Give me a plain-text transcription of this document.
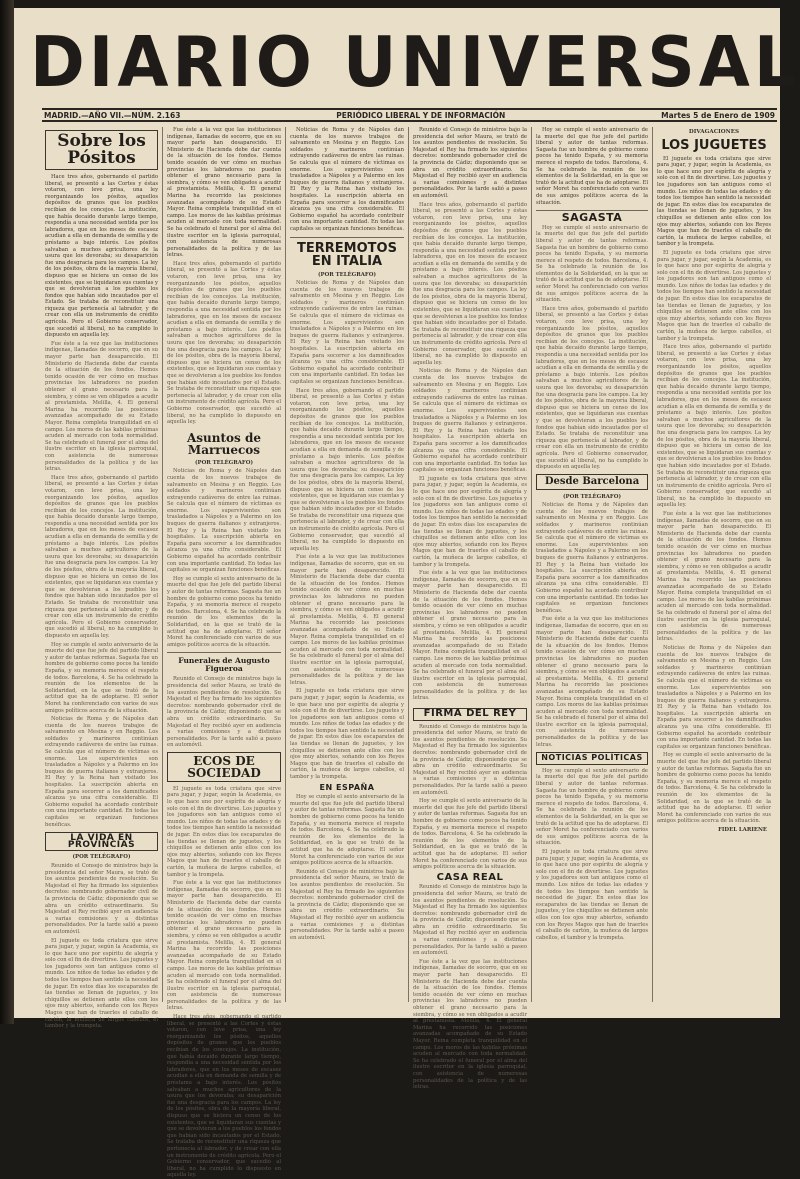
DIARIO UNIVERSAL
MADRID.—AÑO VII.—NÚM. 2.163	PERIÓDICO LIBERAL Y DE INFORMACIÓN	Martes 5 de Enero de 1909
Sobre los Pósitos

Hace tres años, gobernando el partido liberal, se presentó a las Cortes y éstas votaron, con leve prisa, una ley reorganizando los pósitos, aquellos depósitos de granos que los pueblos recibían de los concejos. La institución, que había decaído durante largo tiempo, respondía a una necesidad sentida por los labradores, que en los meses de escasez acudían a ella en demanda de semilla y de préstamo a bajo interés. Los pósitos salvaban a muchos agricultores de la usura que los devoraba; su desaparición fue una desgracia para los campos. La ley de los pósitos, obra de la mayoría liberal, dispuso que se hiciera un censo de los existentes, que se liquidaran sus cuentas y que se devolvieran a los pueblos los fondos que habían sido incautados por el Estado. Se trataba de reconstituir una riqueza que pertenecía al labrador, y de crear con ella un instrumento de crédito agrícola. Pero el Gobierno conservador, que sucedió al liberal, no ha cumplido lo dispuesto en aquella ley.

Fue éste a la vez que las instituciones indígenas, llamadas de socorro, que en su mayor parte han desaparecido. El Ministerio de Hacienda debe dar cuenta de la situación de los fondos. Hemos tenido ocasión de ver cómo en muchas provincias los labradores no pueden obtener el grano necesario para la siembra, y cómo se ven obligados a acudir al prestamista. Melilla, 4. El general Marina ha recorrido las posiciones avanzadas acompañado de su Estado Mayor. Reina completa tranquilidad en el campo. Los moros de las kabilas próximas acuden al mercado con toda normalidad. Se ha celebrado el funeral por el alma del ilustre escritor en la iglesia parroquial, con asistencia de numerosas personalidades de la política y de las letras.

Hace tres años, gobernando el partido liberal, se presentó a las Cortes y éstas votaron, con leve prisa, una ley reorganizando los pósitos, aquellos depósitos de granos que los pueblos recibían de los concejos. La institución, que había decaído durante largo tiempo, respondía a una necesidad sentida por los labradores, que en los meses de escasez acudían a ella en demanda de semilla y de préstamo a bajo interés. Los pósitos salvaban a muchos agricultores de la usura que los devoraba; su desaparición fue una desgracia para los campos. La ley de los pósitos, obra de la mayoría liberal, dispuso que se hiciera un censo de los existentes, que se liquidaran sus cuentas y que se devolvieran a los pueblos los fondos que habían sido incautados por el Estado. Se trataba de reconstituir una riqueza que pertenecía al labrador, y de crear con ella un instrumento de crédito agrícola. Pero el Gobierno conservador, que sucedió al liberal, no ha cumplido lo dispuesto en aquella ley.

Hoy se cumple el sexto aniversario de la muerte del que fue jefe del partido liberal y autor de tantas reformas. Sagasta fue un hombre de gobierno como pocos ha tenido España, y su memoria merece el respeto de todos. Barcelona, 4. Se ha celebrado la reunión de los elementos de la Solidaridad, en la que se trató de la actitud que ha de adoptarse. El señor Moret ha conferenciado con varios de sus amigos políticos acerca de la situación.

Noticias de Roma y de Nápoles dan cuenta de los nuevos trabajos de salvamento en Mesina y en Reggio. Los soldados y marineros continúan extrayendo cadáveres de entre las ruinas. Se calcula que el número de víctimas es enorme. Los supervivientes son trasladados a Nápoles y a Palermo en los buques de guerra italianos y extranjeros. El Rey y la Reina han visitado los hospitales. La suscripción abierta en España para socorrer a los damnificados alcanza ya una cifra considerable. El Gobierno español ha acordado contribuir con una importante cantidad. En todas las capitales se organizan funciones benéficas.

LA VIDA EN PROVINCIAS
(POR TELÉGRAFO)

Reunido el Consejo de ministros bajo la presidencia del señor Maura, se trató de los asuntos pendientes de resolución. Su Majestad el Rey ha firmado los siguientes decretos: nombrando gobernador civil de la provincia de Cádiz; disponiendo que se abra un crédito extraordinario. Su Majestad el Rey recibió ayer en audiencia a varias comisiones y a distintas personalidades. Por la tarde salió a paseo en automóvil.

El juguete es toda criatura que sirve para jugar, y jugar, según la Academia, es lo que hace uno por espíritu de alegría y solo con el fin de divertirse. Los juguetes y los jugadores son tan antiguos como el mundo. Los niños de todas las edades y de todos los tiempos han sentido la necesidad de jugar. En estos días los escaparates de las tiendas se llenan de juguetes, y los chiquillos se detienen ante ellos con los ojos muy abiertos, soñando con los Reyes Magos que han de traerles el caballo de cartón, la muñeca de largos cabellos, el tambor y la trompeta.

Fue éste a la vez que las instituciones indígenas, llamadas de socorro, que en su mayor parte han desaparecido. El Ministerio de Hacienda debe dar cuenta de la situación de los fondos. Hemos tenido ocasión de ver cómo en muchas provincias los labradores no pueden obtener el grano necesario para la siembra, y cómo se ven obligados a acudir al prestamista. Melilla, 4. El general Marina ha recorrido las posiciones avanzadas acompañado de su Estado Mayor. Reina completa tranquilidad en el campo. Los moros de las kabilas próximas acuden al mercado con toda normalidad. Se ha celebrado el funeral por el alma del ilustre escritor en la iglesia parroquial, con asistencia de numerosas personalidades de la política y de las letras.

Hace tres años, gobernando el partido liberal, se presentó a las Cortes y éstas votaron, con leve prisa, una ley reorganizando los pósitos, aquellos depósitos de granos que los pueblos recibían de los concejos. La institución, que había decaído durante largo tiempo, respondía a una necesidad sentida por los labradores, que en los meses de escasez acudían a ella en demanda de semilla y de préstamo a bajo interés. Los pósitos salvaban a muchos agricultores de la usura que los devoraba; su desaparición fue una desgracia para los campos. La ley de los pósitos, obra de la mayoría liberal, dispuso que se hiciera un censo de los existentes, que se liquidaran sus cuentas y que se devolvieran a los pueblos los fondos que habían sido incautados por el Estado. Se trataba de reconstituir una riqueza que pertenecía al labrador, y de crear con ella un instrumento de crédito agrícola. Pero el Gobierno conservador, que sucedió al liberal, no ha cumplido lo dispuesto en aquella ley.

Asuntos de Marruecos
(POR TELÉGRAFO)

Noticias de Roma y de Nápoles dan cuenta de los nuevos trabajos de salvamento en Mesina y en Reggio. Los soldados y marineros continúan extrayendo cadáveres de entre las ruinas. Se calcula que el número de víctimas es enorme. Los supervivientes son trasladados a Nápoles y a Palermo en los buques de guerra italianos y extranjeros. El Rey y la Reina han visitado los hospitales. La suscripción abierta en España para socorrer a los damnificados alcanza ya una cifra considerable. El Gobierno español ha acordado contribuir con una importante cantidad. En todas las capitales se organizan funciones benéficas.

Hoy se cumple el sexto aniversario de la muerte del que fue jefe del partido liberal y autor de tantas reformas. Sagasta fue un hombre de gobierno como pocos ha tenido España, y su memoria merece el respeto de todos. Barcelona, 4. Se ha celebrado la reunión de los elementos de la Solidaridad, en la que se trató de la actitud que ha de adoptarse. El señor Moret ha conferenciado con varios de sus amigos políticos acerca de la situación.

Funerales de Augusto Figueroa

Reunido el Consejo de ministros bajo la presidencia del señor Maura, se trató de los asuntos pendientes de resolución. Su Majestad el Rey ha firmado los siguientes decretos: nombrando gobernador civil de la provincia de Cádiz; disponiendo que se abra un crédito extraordinario. Su Majestad el Rey recibió ayer en audiencia a varias comisiones y a distintas personalidades. Por la tarde salió a paseo en automóvil.

ECOS DE SOCIEDAD

El juguete es toda criatura que sirve para jugar, y jugar, según la Academia, es lo que hace uno por espíritu de alegría y solo con el fin de divertirse. Los juguetes y los jugadores son tan antiguos como el mundo. Los niños de todas las edades y de todos los tiempos han sentido la necesidad de jugar. En estos días los escaparates de las tiendas se llenan de juguetes, y los chiquillos se detienen ante ellos con los ojos muy abiertos, soñando con los Reyes Magos que han de traerles el caballo de cartón, la muñeca de largos cabellos, el tambor y la trompeta.

Fue éste a la vez que las instituciones indígenas, llamadas de socorro, que en su mayor parte han desaparecido. El Ministerio de Hacienda debe dar cuenta de la situación de los fondos. Hemos tenido ocasión de ver cómo en muchas provincias los labradores no pueden obtener el grano necesario para la siembra, y cómo se ven obligados a acudir al prestamista. Melilla, 4. El general Marina ha recorrido las posiciones avanzadas acompañado de su Estado Mayor. Reina completa tranquilidad en el campo. Los moros de las kabilas próximas acuden al mercado con toda normalidad. Se ha celebrado el funeral por el alma del ilustre escritor en la iglesia parroquial, con asistencia de numerosas personalidades de la política y de las letras.

Hace tres años, gobernando el partido liberal, se presentó a las Cortes y éstas votaron, con leve prisa, una ley reorganizando los pósitos, aquellos depósitos de granos que los pueblos recibían de los concejos. La institución, que había decaído durante largo tiempo, respondía a una necesidad sentida por los labradores, que en los meses de escasez acudían a ella en demanda de semilla y de préstamo a bajo interés. Los pósitos salvaban a muchos agricultores de la usura que los devoraba; su desaparición fue una desgracia para los campos. La ley de los pósitos, obra de la mayoría liberal, dispuso que se hiciera un censo de los existentes, que se liquidaran sus cuentas y que se devolvieran a los pueblos los fondos que habían sido incautados por el Estado. Se trataba de reconstituir una riqueza que pertenecía al labrador, y de crear con ella un instrumento de crédito agrícola. Pero el Gobierno conservador, que sucedió al liberal, no ha cumplido lo dispuesto en aquella ley.

Noticias de Roma y de Nápoles dan cuenta de los nuevos trabajos de salvamento en Mesina y en Reggio. Los soldados y marineros continúan extrayendo cadáveres de entre las ruinas. Se calcula que el número de víctimas es enorme. Los supervivientes son trasladados a Nápoles y a Palermo en los buques de guerra italianos y extranjeros. El Rey y la Reina han visitado los hospitales. La suscripción abierta en España para socorrer a los damnificados alcanza ya una cifra considerable. El Gobierno español ha acordado contribuir con una importante cantidad. En todas las capitales se organizan funciones benéficas.

TERREMOTOS EN ITALIA
(POR TELÉGRAFO)

Noticias de Roma y de Nápoles dan cuenta de los nuevos trabajos de salvamento en Mesina y en Reggio. Los soldados y marineros continúan extrayendo cadáveres de entre las ruinas. Se calcula que el número de víctimas es enorme. Los supervivientes son trasladados a Nápoles y a Palermo en los buques de guerra italianos y extranjeros. El Rey y la Reina han visitado los hospitales. La suscripción abierta en España para socorrer a los damnificados alcanza ya una cifra considerable. El Gobierno español ha acordado contribuir con una importante cantidad. En todas las capitales se organizan funciones benéficas.

Hace tres años, gobernando el partido liberal, se presentó a las Cortes y éstas votaron, con leve prisa, una ley reorganizando los pósitos, aquellos depósitos de granos que los pueblos recibían de los concejos. La institución, que había decaído durante largo tiempo, respondía a una necesidad sentida por los labradores, que en los meses de escasez acudían a ella en demanda de semilla y de préstamo a bajo interés. Los pósitos salvaban a muchos agricultores de la usura que los devoraba; su desaparición fue una desgracia para los campos. La ley de los pósitos, obra de la mayoría liberal, dispuso que se hiciera un censo de los existentes, que se liquidaran sus cuentas y que se devolvieran a los pueblos los fondos que habían sido incautados por el Estado. Se trataba de reconstituir una riqueza que pertenecía al labrador, y de crear con ella un instrumento de crédito agrícola. Pero el Gobierno conservador, que sucedió al liberal, no ha cumplido lo dispuesto en aquella ley.

Fue éste a la vez que las instituciones indígenas, llamadas de socorro, que en su mayor parte han desaparecido. El Ministerio de Hacienda debe dar cuenta de la situación de los fondos. Hemos tenido ocasión de ver cómo en muchas provincias los labradores no pueden obtener el grano necesario para la siembra, y cómo se ven obligados a acudir al prestamista. Melilla, 4. El general Marina ha recorrido las posiciones avanzadas acompañado de su Estado Mayor. Reina completa tranquilidad en el campo. Los moros de las kabilas próximas acuden al mercado con toda normalidad. Se ha celebrado el funeral por el alma del ilustre escritor en la iglesia parroquial, con asistencia de numerosas personalidades de la política y de las letras.

El juguete es toda criatura que sirve para jugar, y jugar, según la Academia, es lo que hace uno por espíritu de alegría y solo con el fin de divertirse. Los juguetes y los jugadores son tan antiguos como el mundo. Los niños de todas las edades y de todos los tiempos han sentido la necesidad de jugar. En estos días los escaparates de las tiendas se llenan de juguetes, y los chiquillos se detienen ante ellos con los ojos muy abiertos, soñando con los Reyes Magos que han de traerles el caballo de cartón, la muñeca de largos cabellos, el tambor y la trompeta.

EN ESPAÑA

Hoy se cumple el sexto aniversario de la muerte del que fue jefe del partido liberal y autor de tantas reformas. Sagasta fue un hombre de gobierno como pocos ha tenido España, y su memoria merece el respeto de todos. Barcelona, 4. Se ha celebrado la reunión de los elementos de la Solidaridad, en la que se trató de la actitud que ha de adoptarse. El señor Moret ha conferenciado con varios de sus amigos políticos acerca de la situación.

Reunido el Consejo de ministros bajo la presidencia del señor Maura, se trató de los asuntos pendientes de resolución. Su Majestad el Rey ha firmado los siguientes decretos: nombrando gobernador civil de la provincia de Cádiz; disponiendo que se abra un crédito extraordinario. Su Majestad el Rey recibió ayer en audiencia a varias comisiones y a distintas personalidades. Por la tarde salió a paseo en automóvil.

Reunido el Consejo de ministros bajo la presidencia del señor Maura, se trató de los asuntos pendientes de resolución. Su Majestad el Rey ha firmado los siguientes decretos: nombrando gobernador civil de la provincia de Cádiz; disponiendo que se abra un crédito extraordinario. Su Majestad el Rey recibió ayer en audiencia a varias comisiones y a distintas personalidades. Por la tarde salió a paseo en automóvil.

Hace tres años, gobernando el partido liberal, se presentó a las Cortes y éstas votaron, con leve prisa, una ley reorganizando los pósitos, aquellos depósitos de granos que los pueblos recibían de los concejos. La institución, que había decaído durante largo tiempo, respondía a una necesidad sentida por los labradores, que en los meses de escasez acudían a ella en demanda de semilla y de préstamo a bajo interés. Los pósitos salvaban a muchos agricultores de la usura que los devoraba; su desaparición fue una desgracia para los campos. La ley de los pósitos, obra de la mayoría liberal, dispuso que se hiciera un censo de los existentes, que se liquidaran sus cuentas y que se devolvieran a los pueblos los fondos que habían sido incautados por el Estado. Se trataba de reconstituir una riqueza que pertenecía al labrador, y de crear con ella un instrumento de crédito agrícola. Pero el Gobierno conservador, que sucedió al liberal, no ha cumplido lo dispuesto en aquella ley.

Noticias de Roma y de Nápoles dan cuenta de los nuevos trabajos de salvamento en Mesina y en Reggio. Los soldados y marineros continúan extrayendo cadáveres de entre las ruinas. Se calcula que el número de víctimas es enorme. Los supervivientes son trasladados a Nápoles y a Palermo en los buques de guerra italianos y extranjeros. El Rey y la Reina han visitado los hospitales. La suscripción abierta en España para socorrer a los damnificados alcanza ya una cifra considerable. El Gobierno español ha acordado contribuir con una importante cantidad. En todas las capitales se organizan funciones benéficas.

El juguete es toda criatura que sirve para jugar, y jugar, según la Academia, es lo que hace uno por espíritu de alegría y solo con el fin de divertirse. Los juguetes y los jugadores son tan antiguos como el mundo. Los niños de todas las edades y de todos los tiempos han sentido la necesidad de jugar. En estos días los escaparates de las tiendas se llenan de juguetes, y los chiquillos se detienen ante ellos con los ojos muy abiertos, soñando con los Reyes Magos que han de traerles el caballo de cartón, la muñeca de largos cabellos, el tambor y la trompeta.

Fue éste a la vez que las instituciones indígenas, llamadas de socorro, que en su mayor parte han desaparecido. El Ministerio de Hacienda debe dar cuenta de la situación de los fondos. Hemos tenido ocasión de ver cómo en muchas provincias los labradores no pueden obtener el grano necesario para la siembra, y cómo se ven obligados a acudir al prestamista. Melilla, 4. El general Marina ha recorrido las posiciones avanzadas acompañado de su Estado Mayor. Reina completa tranquilidad en el campo. Los moros de las kabilas próximas acuden al mercado con toda normalidad. Se ha celebrado el funeral por el alma del ilustre escritor en la iglesia parroquial, con asistencia de numerosas personalidades de la política y de las letras.

FIRMA DEL REY

Reunido el Consejo de ministros bajo la presidencia del señor Maura, se trató de los asuntos pendientes de resolución. Su Majestad el Rey ha firmado los siguientes decretos: nombrando gobernador civil de la provincia de Cádiz; disponiendo que se abra un crédito extraordinario. Su Majestad el Rey recibió ayer en audiencia a varias comisiones y a distintas personalidades. Por la tarde salió a paseo en automóvil.

Hoy se cumple el sexto aniversario de la muerte del que fue jefe del partido liberal y autor de tantas reformas. Sagasta fue un hombre de gobierno como pocos ha tenido España, y su memoria merece el respeto de todos. Barcelona, 4. Se ha celebrado la reunión de los elementos de la Solidaridad, en la que se trató de la actitud que ha de adoptarse. El señor Moret ha conferenciado con varios de sus amigos políticos acerca de la situación.

CASA REAL

Reunido el Consejo de ministros bajo la presidencia del señor Maura, se trató de los asuntos pendientes de resolución. Su Majestad el Rey ha firmado los siguientes decretos: nombrando gobernador civil de la provincia de Cádiz; disponiendo que se abra un crédito extraordinario. Su Majestad el Rey recibió ayer en audiencia a varias comisiones y a distintas personalidades. Por la tarde salió a paseo en automóvil.

Fue éste a la vez que las instituciones indígenas, llamadas de socorro, que en su mayor parte han desaparecido. El Ministerio de Hacienda debe dar cuenta de la situación de los fondos. Hemos tenido ocasión de ver cómo en muchas provincias los labradores no pueden obtener el grano necesario para la siembra, y cómo se ven obligados a acudir al prestamista. Melilla, 4. El general Marina ha recorrido las posiciones avanzadas acompañado de su Estado Mayor. Reina completa tranquilidad en el campo. Los moros de las kabilas próximas acuden al mercado con toda normalidad. Se ha celebrado el funeral por el alma del ilustre escritor en la iglesia parroquial, con asistencia de numerosas personalidades de la política y de las letras.

Hoy se cumple el sexto aniversario de la muerte del que fue jefe del partido liberal y autor de tantas reformas. Sagasta fue un hombre de gobierno como pocos ha tenido España, y su memoria merece el respeto de todos. Barcelona, 4. Se ha celebrado la reunión de los elementos de la Solidaridad, en la que se trató de la actitud que ha de adoptarse. El señor Moret ha conferenciado con varios de sus amigos políticos acerca de la situación.

SAGASTA

Hoy se cumple el sexto aniversario de la muerte del que fue jefe del partido liberal y autor de tantas reformas. Sagasta fue un hombre de gobierno como pocos ha tenido España, y su memoria merece el respeto de todos. Barcelona, 4. Se ha celebrado la reunión de los elementos de la Solidaridad, en la que se trató de la actitud que ha de adoptarse. El señor Moret ha conferenciado con varios de sus amigos políticos acerca de la situación.

Hace tres años, gobernando el partido liberal, se presentó a las Cortes y éstas votaron, con leve prisa, una ley reorganizando los pósitos, aquellos depósitos de granos que los pueblos recibían de los concejos. La institución, que había decaído durante largo tiempo, respondía a una necesidad sentida por los labradores, que en los meses de escasez acudían a ella en demanda de semilla y de préstamo a bajo interés. Los pósitos salvaban a muchos agricultores de la usura que los devoraba; su desaparición fue una desgracia para los campos. La ley de los pósitos, obra de la mayoría liberal, dispuso que se hiciera un censo de los existentes, que se liquidaran sus cuentas y que se devolvieran a los pueblos los fondos que habían sido incautados por el Estado. Se trataba de reconstituir una riqueza que pertenecía al labrador, y de crear con ella un instrumento de crédito agrícola. Pero el Gobierno conservador, que sucedió al liberal, no ha cumplido lo dispuesto en aquella ley.

Desde Barcelona
(POR TELÉGRAFO)

Noticias de Roma y de Nápoles dan cuenta de los nuevos trabajos de salvamento en Mesina y en Reggio. Los soldados y marineros continúan extrayendo cadáveres de entre las ruinas. Se calcula que el número de víctimas es enorme. Los supervivientes son trasladados a Nápoles y a Palermo en los buques de guerra italianos y extranjeros. El Rey y la Reina han visitado los hospitales. La suscripción abierta en España para socorrer a los damnificados alcanza ya una cifra considerable. El Gobierno español ha acordado contribuir con una importante cantidad. En todas las capitales se organizan funciones benéficas.

Fue éste a la vez que las instituciones indígenas, llamadas de socorro, que en su mayor parte han desaparecido. El Ministerio de Hacienda debe dar cuenta de la situación de los fondos. Hemos tenido ocasión de ver cómo en muchas provincias los labradores no pueden obtener el grano necesario para la siembra, y cómo se ven obligados a acudir al prestamista. Melilla, 4. El general Marina ha recorrido las posiciones avanzadas acompañado de su Estado Mayor. Reina completa tranquilidad en el campo. Los moros de las kabilas próximas acuden al mercado con toda normalidad. Se ha celebrado el funeral por el alma del ilustre escritor en la iglesia parroquial, con asistencia de numerosas personalidades de la política y de las letras.

NOTICIAS POLÍTICAS

Hoy se cumple el sexto aniversario de la muerte del que fue jefe del partido liberal y autor de tantas reformas. Sagasta fue un hombre de gobierno como pocos ha tenido España, y su memoria merece el respeto de todos. Barcelona, 4. Se ha celebrado la reunión de los elementos de la Solidaridad, en la que se trató de la actitud que ha de adoptarse. El señor Moret ha conferenciado con varios de sus amigos políticos acerca de la situación.

El juguete es toda criatura que sirve para jugar, y jugar, según la Academia, es lo que hace uno por espíritu de alegría y solo con el fin de divertirse. Los juguetes y los jugadores son tan antiguos como el mundo. Los niños de todas las edades y de todos los tiempos han sentido la necesidad de jugar. En estos días los escaparates de las tiendas se llenan de juguetes, y los chiquillos se detienen ante ellos con los ojos muy abiertos, soñando con los Reyes Magos que han de traerles el caballo de cartón, la muñeca de largos cabellos, el tambor y la trompeta.

DIVAGACIONES
LOS JUGUETES

El juguete es toda criatura que sirve para jugar, y jugar, según la Academia, es lo que hace uno por espíritu de alegría y solo con el fin de divertirse. Los juguetes y los jugadores son tan antiguos como el mundo. Los niños de todas las edades y de todos los tiempos han sentido la necesidad de jugar. En estos días los escaparates de las tiendas se llenan de juguetes, y los chiquillos se detienen ante ellos con los ojos muy abiertos, soñando con los Reyes Magos que han de traerles el caballo de cartón, la muñeca de largos cabellos, el tambor y la trompeta.

El juguete es toda criatura que sirve para jugar, y jugar, según la Academia, es lo que hace uno por espíritu de alegría y solo con el fin de divertirse. Los juguetes y los jugadores son tan antiguos como el mundo. Los niños de todas las edades y de todos los tiempos han sentido la necesidad de jugar. En estos días los escaparates de las tiendas se llenan de juguetes, y los chiquillos se detienen ante ellos con los ojos muy abiertos, soñando con los Reyes Magos que han de traerles el caballo de cartón, la muñeca de largos cabellos, el tambor y la trompeta.

Hace tres años, gobernando el partido liberal, se presentó a las Cortes y éstas votaron, con leve prisa, una ley reorganizando los pósitos, aquellos depósitos de granos que los pueblos recibían de los concejos. La institución, que había decaído durante largo tiempo, respondía a una necesidad sentida por los labradores, que en los meses de escasez acudían a ella en demanda de semilla y de préstamo a bajo interés. Los pósitos salvaban a muchos agricultores de la usura que los devoraba; su desaparición fue una desgracia para los campos. La ley de los pósitos, obra de la mayoría liberal, dispuso que se hiciera un censo de los existentes, que se liquidaran sus cuentas y que se devolvieran a los pueblos los fondos que habían sido incautados por el Estado. Se trataba de reconstituir una riqueza que pertenecía al labrador, y de crear con ella un instrumento de crédito agrícola. Pero el Gobierno conservador, que sucedió al liberal, no ha cumplido lo dispuesto en aquella ley.

Fue éste a la vez que las instituciones indígenas, llamadas de socorro, que en su mayor parte han desaparecido. El Ministerio de Hacienda debe dar cuenta de la situación de los fondos. Hemos tenido ocasión de ver cómo en muchas provincias los labradores no pueden obtener el grano necesario para la siembra, y cómo se ven obligados a acudir al prestamista. Melilla, 4. El general Marina ha recorrido las posiciones avanzadas acompañado de su Estado Mayor. Reina completa tranquilidad en el campo. Los moros de las kabilas próximas acuden al mercado con toda normalidad. Se ha celebrado el funeral por el alma del ilustre escritor en la iglesia parroquial, con asistencia de numerosas personalidades de la política y de las letras.

Noticias de Roma y de Nápoles dan cuenta de los nuevos trabajos de salvamento en Mesina y en Reggio. Los soldados y marineros continúan extrayendo cadáveres de entre las ruinas. Se calcula que el número de víctimas es enorme. Los supervivientes son trasladados a Nápoles y a Palermo en los buques de guerra italianos y extranjeros. El Rey y la Reina han visitado los hospitales. La suscripción abierta en España para socorrer a los damnificados alcanza ya una cifra considerable. El Gobierno español ha acordado contribuir con una importante cantidad. En todas las capitales se organizan funciones benéficas.

Hoy se cumple el sexto aniversario de la muerte del que fue jefe del partido liberal y autor de tantas reformas. Sagasta fue un hombre de gobierno como pocos ha tenido España, y su memoria merece el respeto de todos. Barcelona, 4. Se ha celebrado la reunión de los elementos de la Solidaridad, en la que se trató de la actitud que ha de adoptarse. El señor Moret ha conferenciado con varios de sus amigos políticos acerca de la situación.

FIDEL LARIENE
